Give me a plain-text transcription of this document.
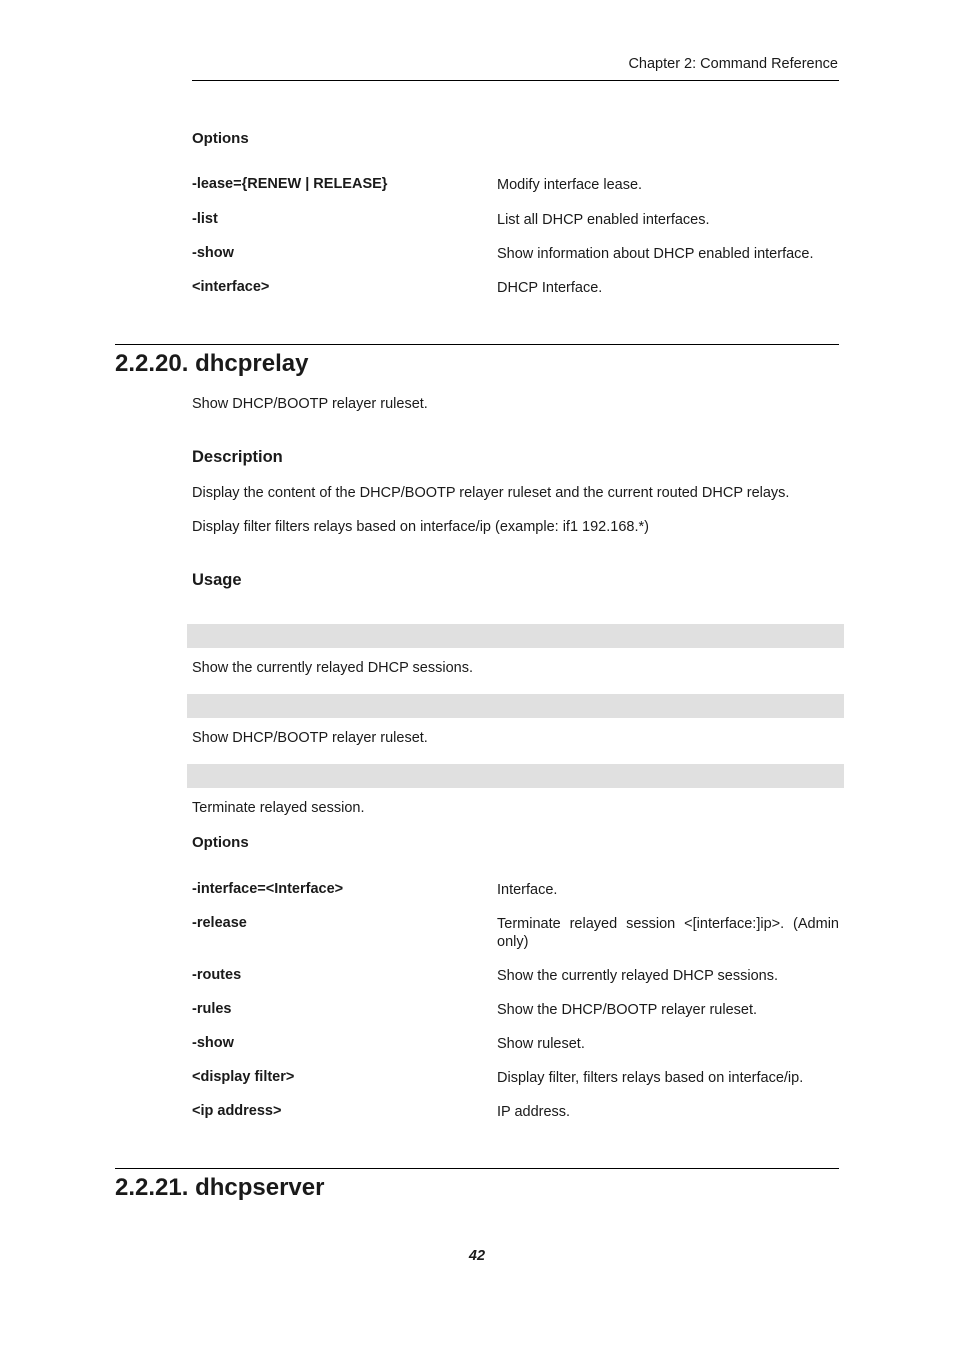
Chapter 2: Command Reference
Options
-lease={RENEW | RELEASE}	Modify interface lease.
-list	List all DHCP enabled interfaces.
-show	Show information about DHCP enabled interface.
<interface>	DHCP Interface.
2.2.20. dhcprelay
Show DHCP/BOOTP relayer ruleset.
Description
Display the content of the DHCP/BOOTP relayer ruleset and the current routed DHCP relays.
Display filter filters relays based on interface/ip (example: if1 192.168.*)
Usage
Show the currently relayed DHCP sessions.
Show DHCP/BOOTP relayer ruleset.
Terminate relayed session.
Options
-interface=<Interface>	Interface.
-release	Terminate relayed session <[interface:]ip>. (Admin only)
-routes	Show the currently relayed DHCP sessions.
-rules	Show the DHCP/BOOTP relayer ruleset.
-show	Show ruleset.
<display filter>	Display filter, filters relays based on interface/ip.
<ip address>	IP address.
2.2.21. dhcpserver
42
